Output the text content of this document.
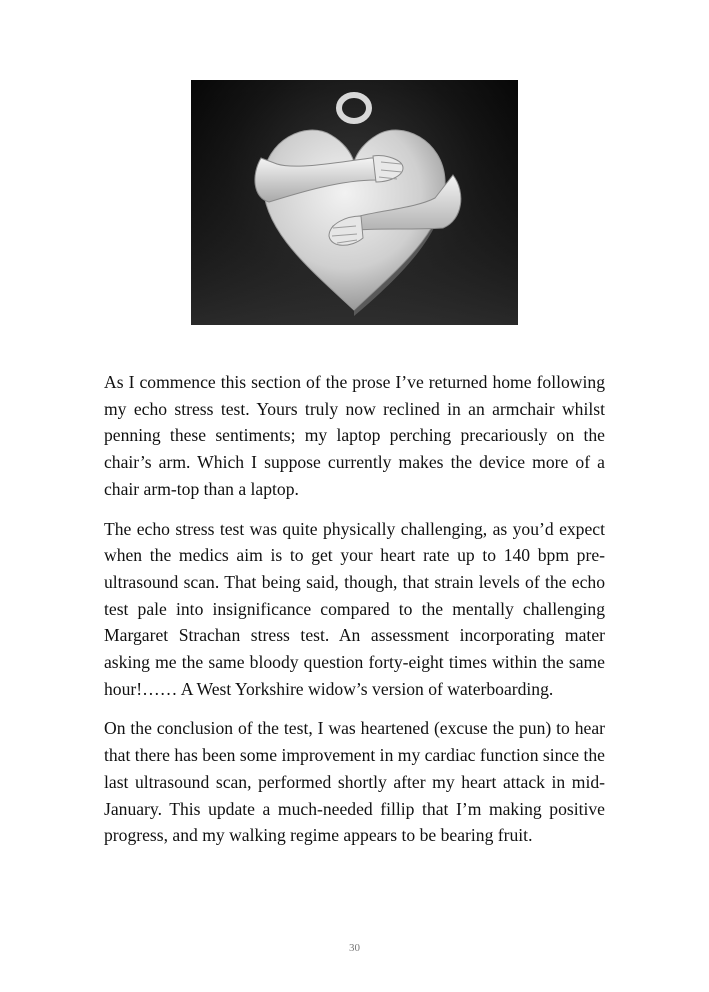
As I commence this section of the prose I’ve returned home following my echo stress test. Yours truly now reclined in an armchair whilst penning these sentiments; my laptop perching precariously on the chair’s arm. Which I suppose currently makes the device more of a chair arm-top than a laptop.

The echo stress test was quite physically challenging, as you’d expect when the medics aim is to get your heart rate up to 140 bpm pre-ultrasound scan. That being said, though, that strain levels of the echo test pale into insignificance compared to the mentally challenging Margaret Strachan stress test. An assessment incorporating mater asking me the same bloody question forty-eight times within the same hour!…… A West Yorkshire widow’s version of waterboarding.

On the conclusion of the test, I was heartened (excuse the pun) to hear that there has been some improvement in my cardiac function since the last ultrasound scan, performed shortly after my heart attack in mid-January. This update a much-needed fillip that I’m making positive progress, and my walking regime appears to be bearing fruit.

30
